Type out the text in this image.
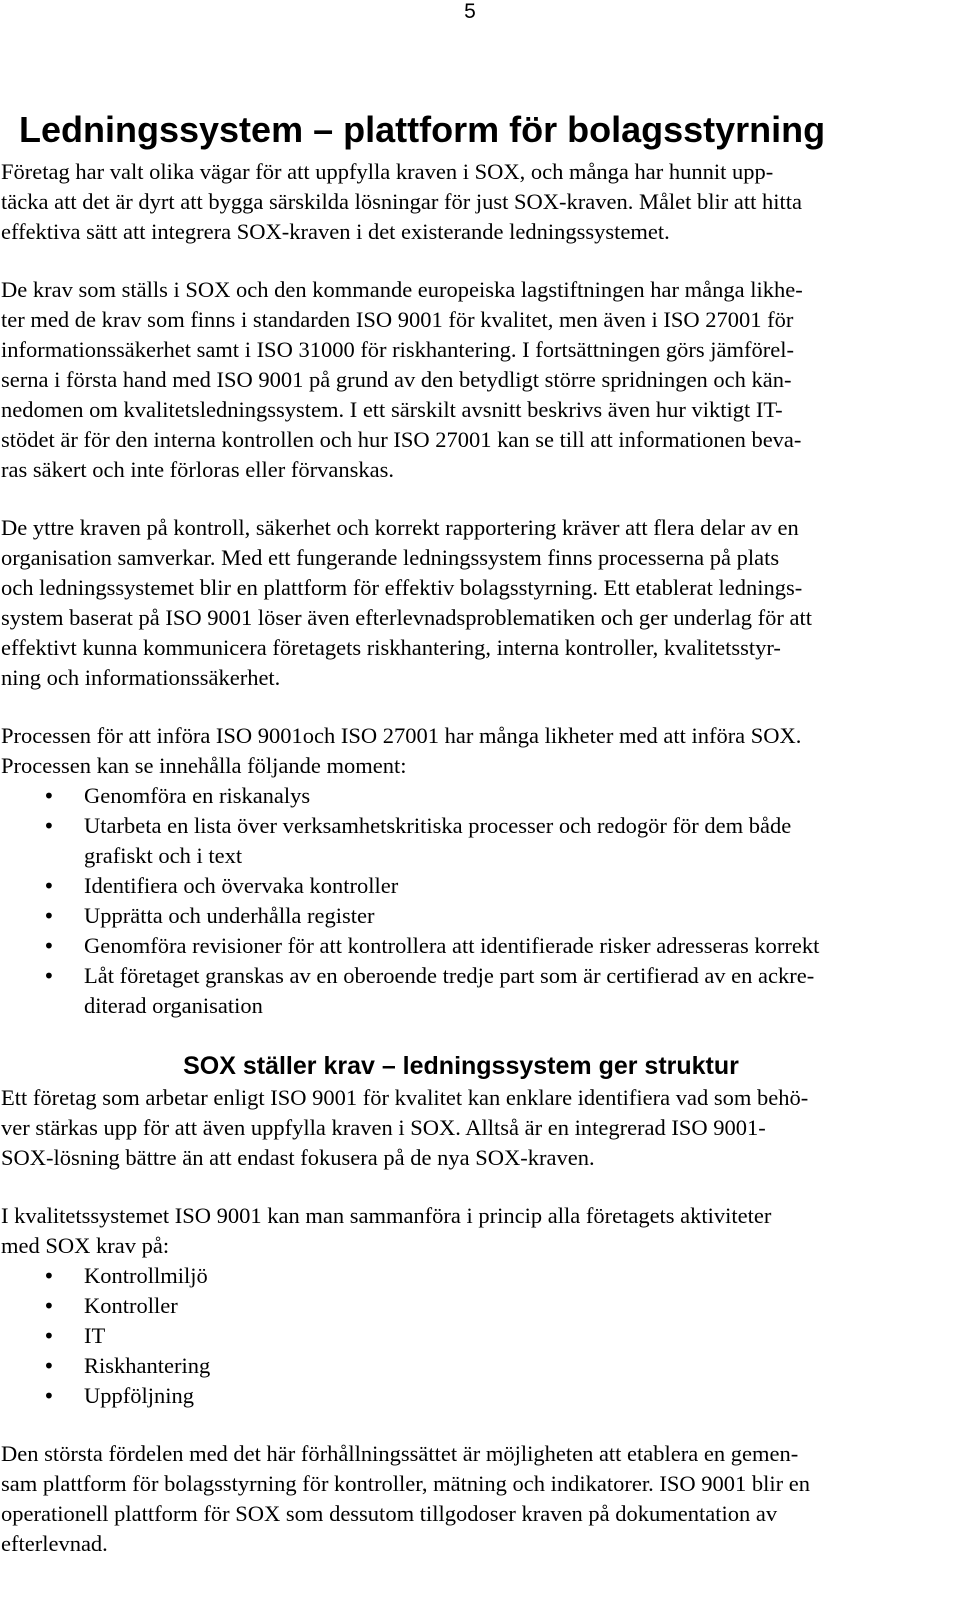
5
Ledningssystem – plattform för bolagsstyrning

Företag har valt olika vägar för att uppfylla kraven i SOX, och många har hunnit upp-
täcka att det är dyrt att bygga särskilda lösningar för just SOX-kraven. Målet blir att hitta
effektiva sätt att integrera SOX-kraven i det existerande ledningssystemet.

De krav som ställs i SOX och den kommande europeiska lagstiftningen har många likhe-
ter med de krav som finns i standarden ISO 9001 för kvalitet, men även i ISO 27001 för
informationssäkerhet samt i ISO 31000 för riskhantering. I fortsättningen görs jämförel-
serna i första hand med ISO 9001 på grund av den betydligt större spridningen och kän-
nedomen om kvalitetsledningssystem. I ett särskilt avsnitt beskrivs även hur viktigt IT-
stödet är för den interna kontrollen och hur ISO 27001 kan se till att informationen beva-
ras säkert och inte förloras eller förvanskas.

De yttre kraven på kontroll, säkerhet och korrekt rapportering kräver att flera delar av en
organisation samverkar. Med ett fungerande ledningssystem finns processerna på plats
och ledningssystemet blir en plattform för effektiv bolagsstyrning. Ett etablerat lednings-
system baserat på ISO 9001 löser även efterlevnadsproblematiken och ger underlag för att
effektivt kunna kommunicera företagets riskhantering, interna kontroller, kvalitetsstyr-
ning och informationssäkerhet.

Processen för att införa ISO 9001och ISO 27001 har många likheter med att införa SOX.
Processen kan se innehålla följande moment:

• Genomföra en riskanalys
• Utarbeta en lista över verksamhetskritiska processer och redogör för dem både
grafiskt och i text
• Identifiera och övervaka kontroller
• Upprätta och underhålla register
• Genomföra revisioner för att kontrollera att identifierade risker adresseras korrekt
• Låt företaget granskas av en oberoende tredje part som är certifierad av en ackre-
diterad organisation
SOX ställer krav – ledningssystem ger struktur

Ett företag som arbetar enligt ISO 9001 för kvalitet kan enklare identifiera vad som behö-
ver stärkas upp för att även uppfylla kraven i SOX. Alltså är en integrerad ISO 9001-
SOX-lösning bättre än att endast fokusera på de nya SOX-kraven.

I kvalitetssystemet ISO 9001 kan man sammanföra i princip alla företagets aktiviteter
med SOX krav på:

• Kontrollmiljö
• Kontroller
• IT
• Riskhantering
• Uppföljning

Den största fördelen med det här förhållningssättet är möjligheten att etablera en gemen-
sam plattform för bolagsstyrning för kontroller, mätning och indikatorer. ISO 9001 blir en
operationell plattform för SOX som dessutom tillgodoser kraven på dokumentation av
efterlevnad.
